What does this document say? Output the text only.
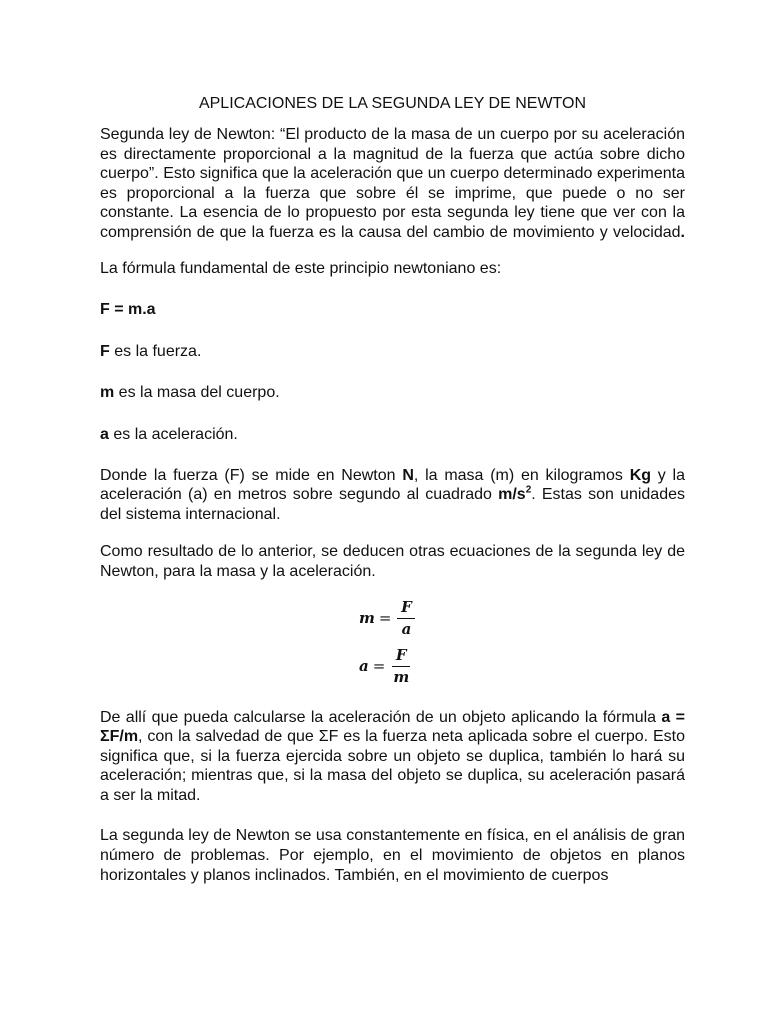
APLICACIONES DE LA SEGUNDA LEY DE NEWTON

Segunda ley de Newton: “El producto de la masa de un cuerpo por su aceleración es directamente proporcional a la magnitud de la fuerza que actúa sobre dicho cuerpo”. Esto significa que la aceleración que un cuerpo determinado experimenta es proporcional a la fuerza que sobre él se imprime, que puede o no ser constante. La esencia de lo propuesto por esta segunda ley tiene que ver con la comprensión de que la fuerza es la causa del cambio de movimiento y velocidad.

La fórmula fundamental de este principio newtoniano es:

F = m.a

F es la fuerza.

m es la masa del cuerpo.

a es la aceleración.

Donde la fuerza (F) se mide en Newton N, la masa (m) en kilogramos Kg y la aceleración (a) en metros sobre segundo al cuadrado $m/s^2$. Estas son unidades del sistema internacional.

Como resultado de lo anterior, se deducen otras ecuaciones de la segunda ley de Newton, para la masa y la aceleración.

$m = \frac{F}{a}$
$a = \frac{F}{m}$

De allí que pueda calcularse la aceleración de un objeto aplicando la fórmula a = ΣF/m, con la salvedad de que ΣF es la fuerza neta aplicada sobre el cuerpo. Esto significa que, si la fuerza ejercida sobre un objeto se duplica, también lo hará su aceleración; mientras que, si la masa del objeto se duplica, su aceleración pasará a ser la mitad.

La segunda ley de Newton se usa constantemente en física, en el análisis de gran número de problemas. Por ejemplo, en el movimiento de objetos en planos horizontales y planos inclinados. También, en el movimiento de cuerpos
